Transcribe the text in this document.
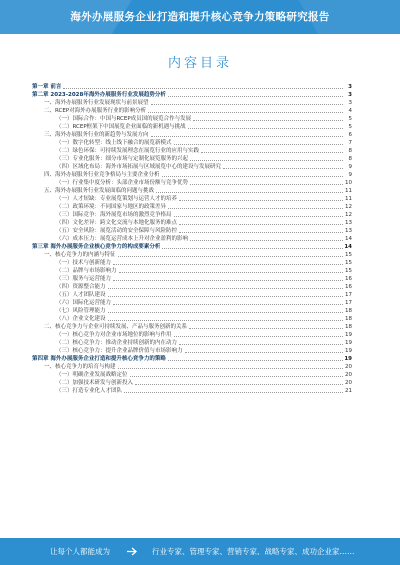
海外办展服务企业打造和提升核心竞争力策略研究报告
内容目录
第一章 前言	3
第二章 2023-2028年海外办展服务行业发展趋势分析	3
一、海外办展服务行业发展现状与前景展望	3
二、RCEP对海外办展服务行业的影响分析	4
（一）国际合作：中国与RCEP成员国的展览合作与发展	5
（二）RCEP框架下中国展览企业面临的新机遇与挑战	5
三、海外办展服务行业的新趋势与发展方向	6
（一）数字化转型：线上线下融合的展览新模式	7
（二）绿色环保：可持续发展理念在展览行业的应用与实践	8
（三）专业化服务：细分市场与定制化展览服务的兴起	8
（四）区域化布局：海外市场拓展与区域展览中心的建设与发展研究	9
四、海外办展服务行业竞争格局与主要企业分析	9
（一）行业集中度分析：头部企业市场份额与竞争优势	10
五、海外办展服务行业发展面临的问题与挑战	11
（一）人才短缺：专业展览策划与运营人才的培养	11
（二）政策环境：不同国家与地区的政策差异	12
（三）国际竞争：海外展览市场的激烈竞争格局	12
（四）文化差异：跨文化交流与本地化服务的难点	13
（五）安全风险：展览活动的安全保障与风险防控	13
（六）成本压力：展览运营成本上升对企业盈利的影响	14
第三章 海外办展服务企业核心竞争力的构成要素分析	14
一、核心竞争力的内涵与特征	15
（一）技术与创新能力	15
（二）品牌与市场影响力	15
（三）服务与运营能力	16
（四）资源整合能力	16
（五）人才团队建设	17
（六）国际化运营能力	17
（七）风险管理能力	18
（八）企业文化建设	18
二、核心竞争力与企业可持续发展、产品与服务创新的关系	18
（一）核心竞争力对企业市场地位的影响与作用	19
（二）核心竞争力：推动企业持续创新的内在动力	19
（三）核心竞争力：提升企业品牌价值与市场影响力	19
第四章 海外办展服务企业打造和提升核心竞争力的策略	19
一、核心竞争力的培育与构建	20
（一）明确企业发展战略定位	20
（二）加强技术研发与创新投入	20
（三）打造专业化人才团队	21
让每个人都能成为	行业专家、管理专家、营销专家、战略专家、成功企业家……
